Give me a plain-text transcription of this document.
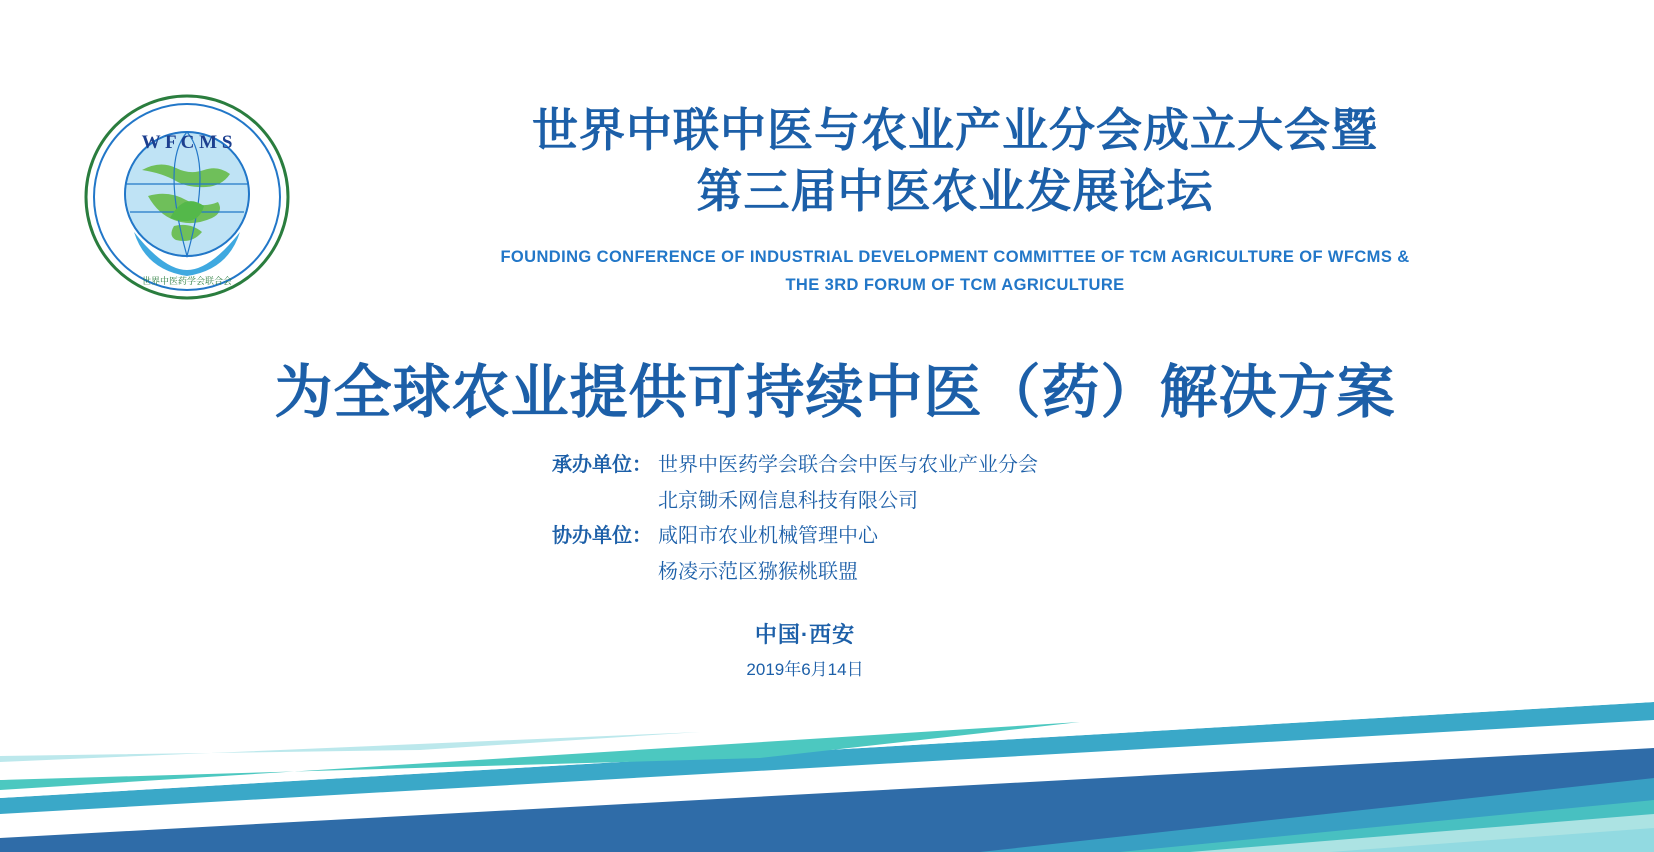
W F C M S
世界中医药学会联合会
世界中联中医与农业产业分会成立大会暨
第三届中医农业发展论坛
FOUNDING CONFERENCE OF INDUSTRIAL DEVELOPMENT COMMITTEE OF TCM AGRICULTURE OF WFCMS &
THE 3RD FORUM OF TCM AGRICULTURE
为全球农业提供可持续中医（药）解决方案
承办单位： 世界中医药学会联合会中医与农业产业分会
北京锄禾网信息科技有限公司
协办单位： 咸阳市农业机械管理中心
杨凌示范区猕猴桃联盟
中国·西安
2019年6月14日
